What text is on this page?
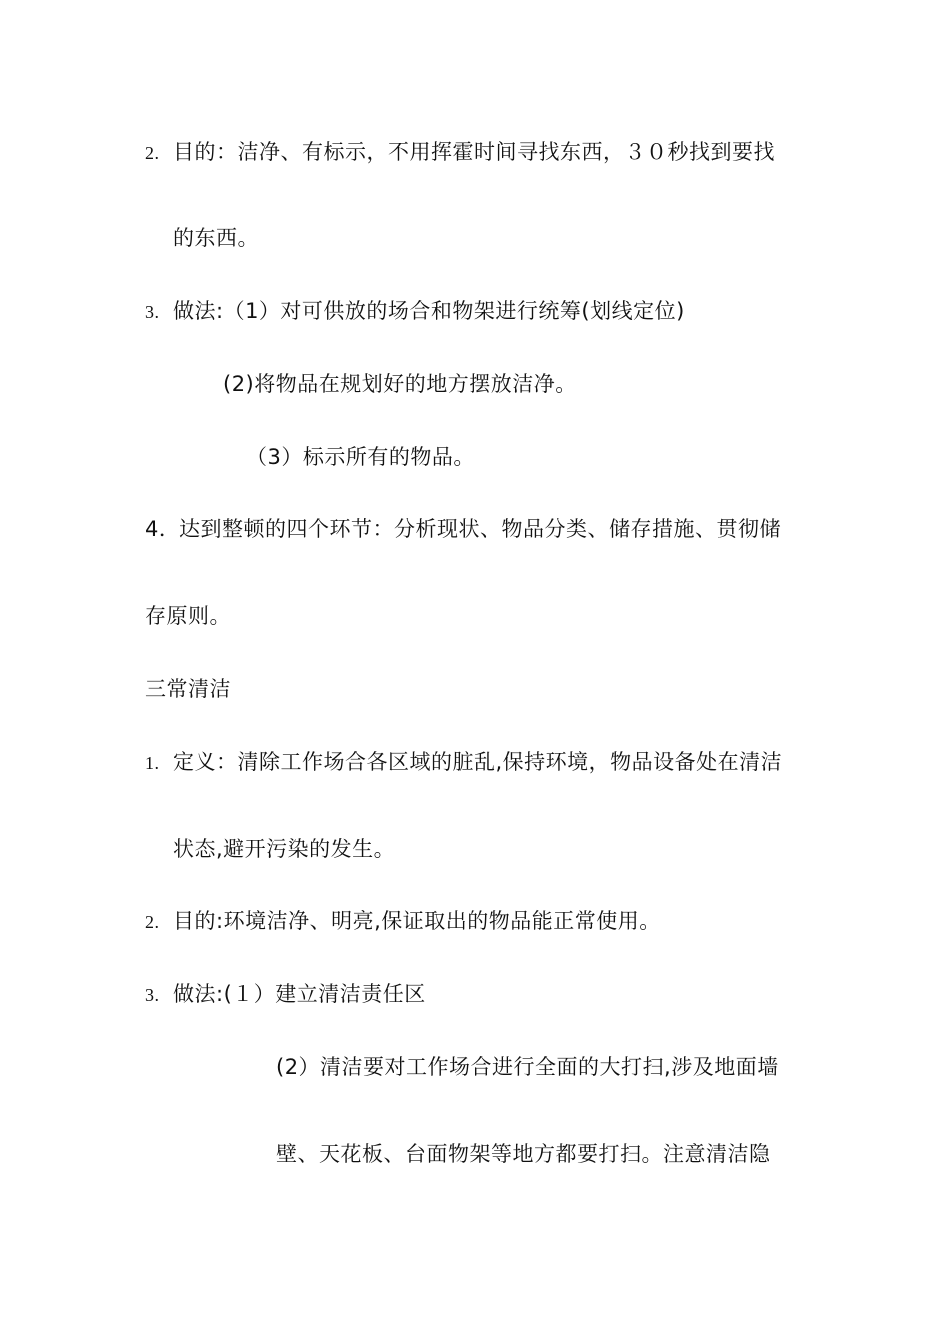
2. 目的：洁净、有标示，不用挥霍时间寻找东西，３０秒找到要找
的东西。
3. 做法:（1）对可供放的场合和物架进行统筹(划线定位)
(2)将物品在规划好的地方摆放洁净。
（3）标示所有的物品。
4．达到整顿的四个环节：分析现状、物品分类、储存措施、贯彻储
存原则。
三常清洁
1. 定义：清除工作场合各区域的脏乱,保持环境，物品设备处在清洁
状态,避开污染的发生。
2. 目的:环境洁净、明亮,保证取出的物品能正常使用。
3. 做法:(１）建立清洁责任区
(2）清洁要对工作场合进行全面的大打扫,涉及地面墙
壁、天花板、台面物架等地方都要打扫。注意清洁隐
